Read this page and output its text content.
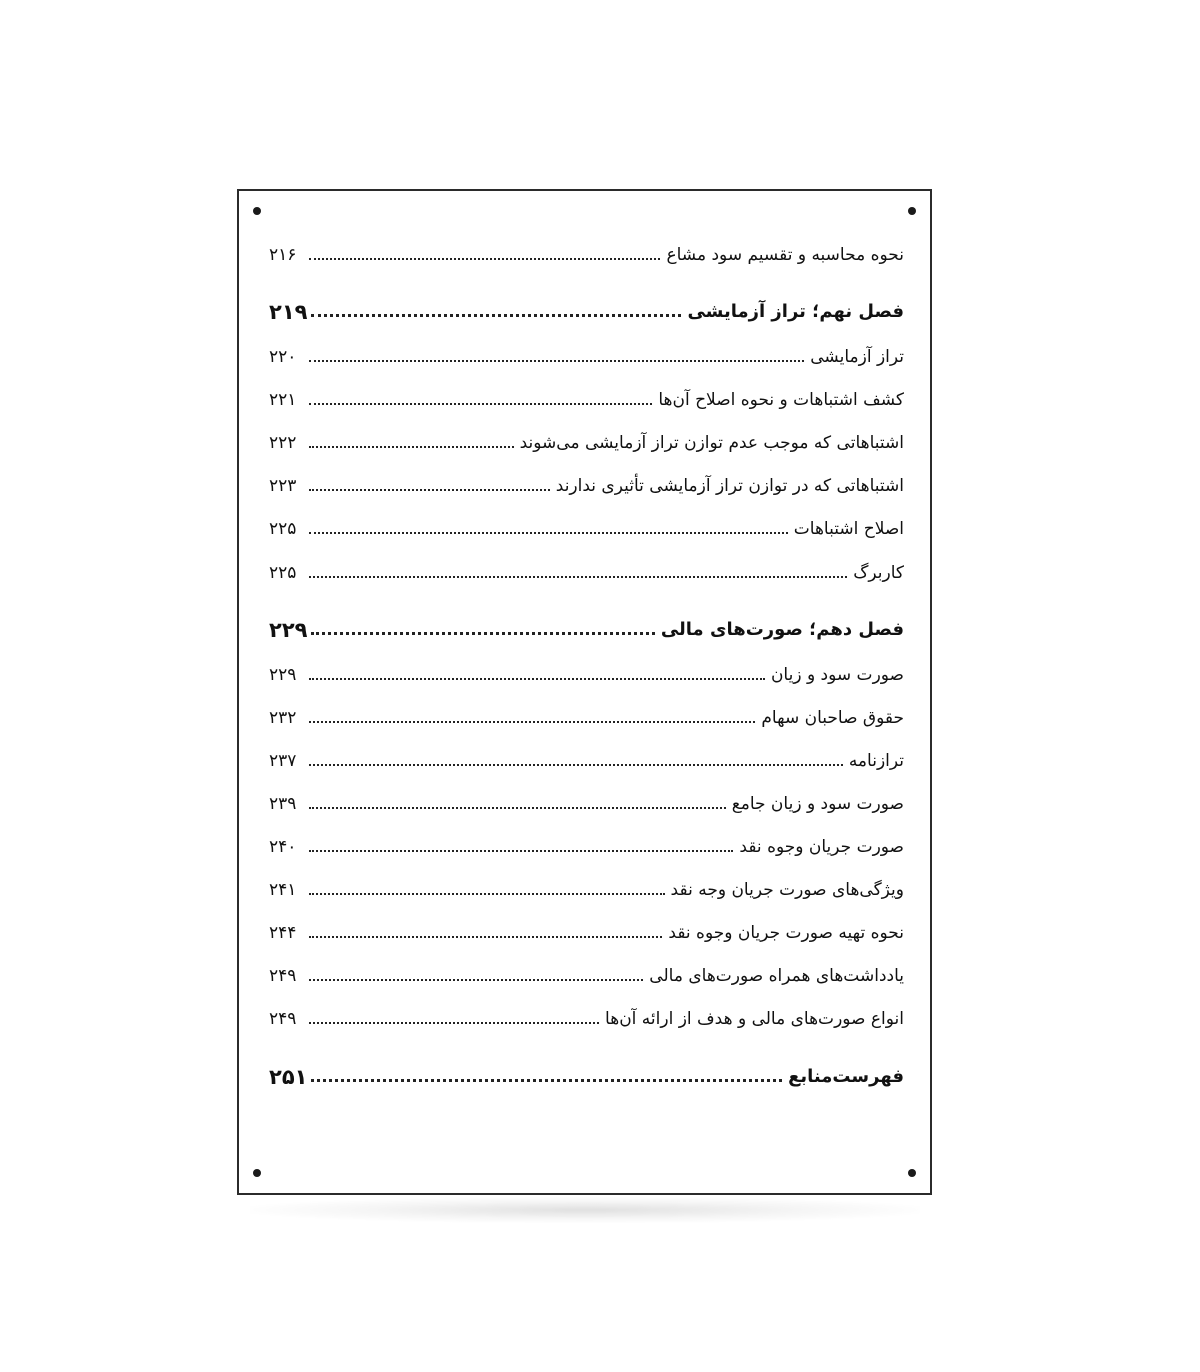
نحوه محاسبه و تقسیم سود مشاع
۲۱۶
فصل نهم؛ تراز آزمایشی
۲۱۹
تراز آزمایشی
۲۲۰
کشف اشتباهات و نحوه اصلاح آن‌ها
۲۲۱
اشتباهاتی که موجب عدم توازن تراز آزمایشی می‌شوند
۲۲۲
اشتباهاتی که در توازن تراز آزمایشی تأثیری ندارند
۲۲۳
اصلاح اشتباهات
۲۲۵
کاربرگ
۲۲۵
فصل دهم؛ صورت‌های مالی
۲۲۹
صورت سود و زیان
۲۲۹
حقوق صاحبان سهام
۲۳۲
ترازنامه
۲۳۷
صورت سود و زیان جامع
۲۳۹
صورت جریان وجوه نقد
۲۴۰
ویژگی‌های صورت جریان وجه نقد
۲۴۱
نحوه تهیه صورت جریان وجوه نقد
۲۴۴
یادداشت‌های همراه صورت‌های مالی
۲۴۹
انواع صورت‌های مالی و هدف از ارائه آن‌ها
۲۴۹
فهرست‌منابع
۲۵۱
